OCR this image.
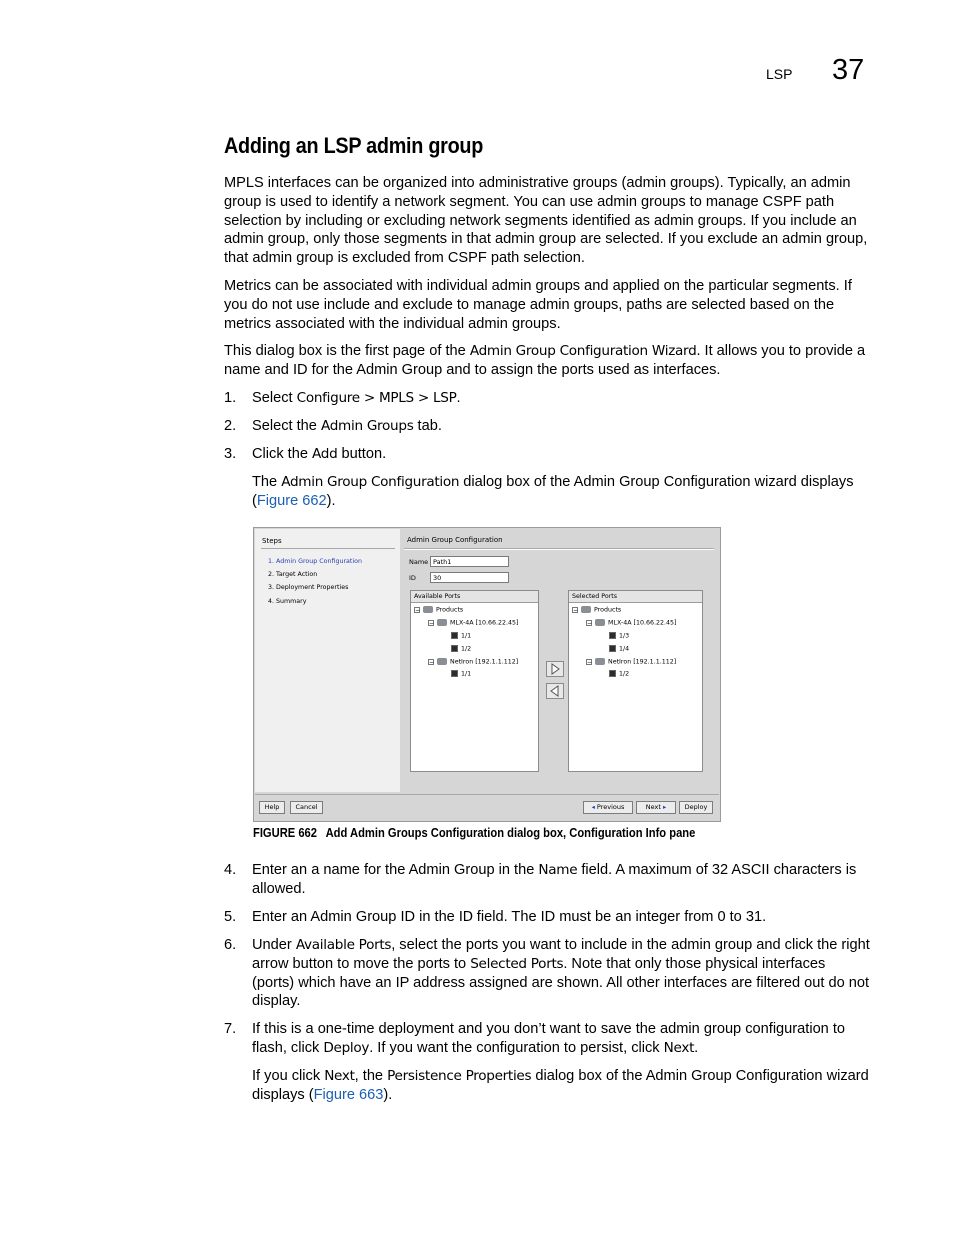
LSP 37
Adding an LSP admin group
MPLS interfaces can be organized into administrative groups (admin groups). Typically, an admin group is used to identify a network segment. You can use admin groups to manage CSPF path selection by including or excluding network segments identified as admin groups. If you include an admin group, only those segments in that admin group are selected. If you exclude an admin group, that admin group is excluded from CSPF path selection.
Metrics can be associated with individual admin groups and applied on the particular segments. If you do not use include and exclude to manage admin groups, paths are selected based on the metrics associated with the individual admin groups.
This dialog box is the first page of the Admin Group Configuration Wizard. It allows you to provide a name and ID for the Admin Group and to assign the ports used as interfaces.
1. Select Configure > MPLS > LSP.
2. Select the Admin Groups tab.
3. Click the Add button.
The Admin Group Configuration dialog box of the Admin Group Configuration wizard displays (Figure 662).
Steps
1. Admin Group Configuration
2. Target Action
3. Deployment Properties
4. Summary
Admin Group Configuration
Name Path1
ID	30
Available Ports
−	Products
−	MLX-4A [10.66.22.45]
1/1
1/2
−	NetIron [192.1.1.112]
1/1
Selected Ports
−	Products
−	MLX-4A [10.66.22.45]
1/3
1/4
−	NetIron [192.1.1.112]
1/2
Help	Cancel	◂ Previous	Next ▸	Deploy
FIGURE 662 Add Admin Groups Configuration dialog box, Configuration Info pane
4. Enter an a name for the Admin Group in the Name field. A maximum of 32 ASCII characters is allowed.
5. Enter an Admin Group ID in the ID field. The ID must be an integer from 0 to 31.
6. Under Available Ports, select the ports you want to include in the admin group and click the right arrow button to move the ports to Selected Ports. Note that only those physical interfaces (ports) which have an IP address assigned are shown. All other interfaces are filtered out do not display.
7. If this is a one-time deployment and you don’t want to save the admin group configuration to flash, click Deploy. If you want the configuration to persist, click Next.
If you click Next, the Persistence Properties dialog box of the Admin Group Configuration wizard displays (Figure 663).
